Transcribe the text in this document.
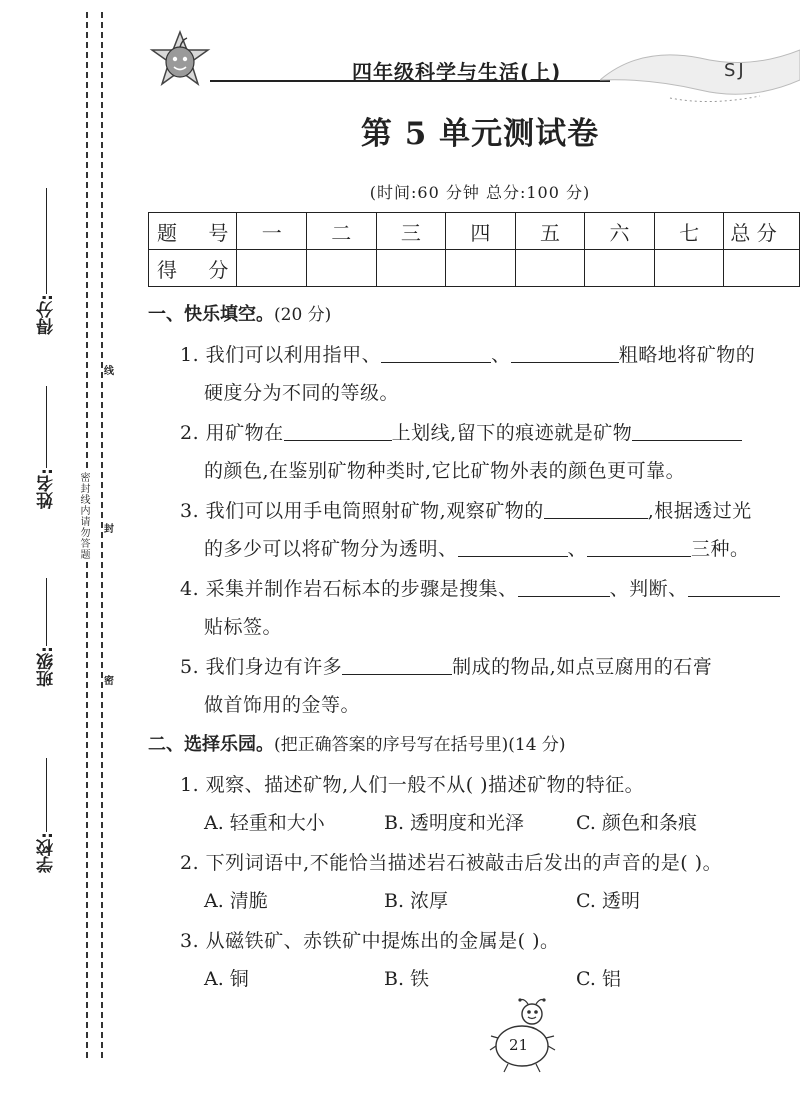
密封线内请勿答题
线
封
密
得分:
姓名:
班级:
学校:
四年级科学与生活(上)	SJ
第 5 单元测试卷
(时间:60 分钟 总分:100 分)
题 号	一	二	三	四	五	六	七	总 分
得 分								
一、快乐填空。(20 分)
1. 我们可以利用指甲、	、	粗略地将矿物的
硬度分为不同的等级。
2. 用矿物在	上划线,留下的痕迹就是矿物
的颜色,在鉴别矿物种类时,它比矿物外表的颜色更可靠。
3. 我们可以用手电筒照射矿物,观察矿物的	,根据透过光
的多少可以将矿物分为透明、	、	三种。
4. 采集并制作岩石标本的步骤是搜集、	、判断、
贴标签。
5. 我们身边有许多	制成的物品,如点豆腐用的石膏
做首饰用的金等。
二、选择乐园。(把正确答案的序号写在括号里)(14 分)
1. 观察、描述矿物,人们一般不从( )描述矿物的特征。
A. 轻重和大小	B. 透明度和光泽	C. 颜色和条痕
2. 下列词语中,不能恰当描述岩石被敲击后发出的声音的是( )。
A. 清脆	B. 浓厚	C. 透明
3. 从磁铁矿、赤铁矿中提炼出的金属是( )。
A. 铜	B. 铁	C. 铝
21
